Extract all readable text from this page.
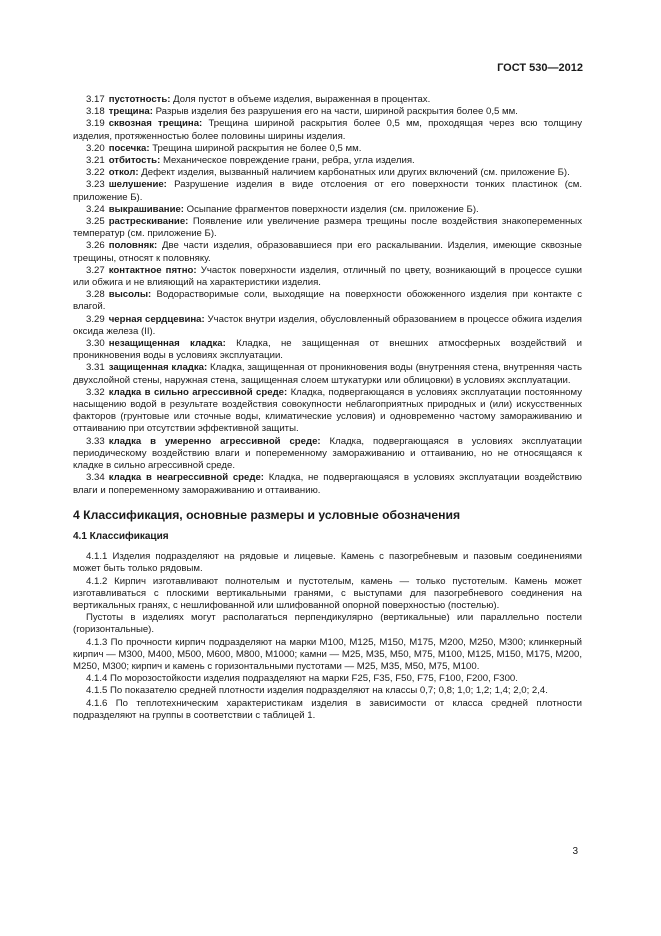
ГОСТ 530—2012

3.17 пустотность: Доля пустот в объеме изделия, выраженная в процентах.

3.18 трещина: Разрыв изделия без разрушения его на части, шириной раскрытия более 0,5 мм.

3.19 сквозная трещина: Трещина шириной раскрытия более 0,5 мм, проходящая через всю толщину изделия, протяженностью более половины ширины изделия.

3.20 посечка: Трещина шириной раскрытия не более 0,5 мм.

3.21 отбитость: Механическое повреждение грани, ребра, угла изделия.

3.22 откол: Дефект изделия, вызванный наличием карбонатных или других включений (см. приложение Б).

3.23 шелушение: Разрушение изделия в виде отслоения от его поверхности тонких пластинок (см. приложение Б).

3.24 выкрашивание: Осыпание фрагментов поверхности изделия (см. приложение Б).

3.25 растрескивание: Появление или увеличение размера трещины после воздействия знакопеременных температур (см. приложение Б).

3.26 половняк: Две части изделия, образовавшиеся при его раскалывании. Изделия, имеющие сквозные трещины, относят к половняку.

3.27 контактное пятно: Участок поверхности изделия, отличный по цвету, возникающий в процессе сушки или обжига и не влияющий на характеристики изделия.

3.28 высолы: Водорастворимые соли, выходящие на поверхности обожженного изделия при контакте с влагой.

3.29 черная сердцевина: Участок внутри изделия, обусловленный образованием в процессе обжига изделия оксида железа (II).

3.30 незащищенная кладка: Кладка, не защищенная от внешних атмосферных воздействий и проникновения воды в условиях эксплуатации.

3.31 защищенная кладка: Кладка, защищенная от проникновения воды (внутренняя стена, внутренняя часть двухслойной стены, наружная стена, защищенная слоем штукатурки или облицовки) в условиях эксплуатации.

3.32 кладка в сильно агрессивной среде: Кладка, подвергающаяся в условиях эксплуатации постоянному насыщению водой в результате воздействия совокупности неблагоприятных природных и (или) искусственных факторов (грунтовые или сточные воды, климатические условия) и одновременно частому замораживанию и оттаиванию при отсутствии эффективной защиты.

3.33 кладка в умеренно агрессивной среде: Кладка, подвергающаяся в условиях эксплуатации периодическому воздействию влаги и попеременному замораживанию и оттаиванию, но не относящаяся к кладке в сильно агрессивной среде.

3.34 кладка в неагрессивной среде: Кладка, не подвергающаяся в условиях эксплуатации воздействию влаги и попеременному замораживанию и оттаиванию.

4 Классификация, основные размеры и условные обозначения
4.1 Классификация

4.1.1 Изделия подразделяют на рядовые и лицевые. Камень с пазогребневым и пазовым соединениями может быть только рядовым.

4.1.2 Кирпич изготавливают полнотелым и пустотелым, камень — только пустотелым. Камень может изготавливаться с плоскими вертикальными гранями, с выступами для пазогребневого соединения на вертикальных гранях, с нешлифованной или шлифованной опорной поверхностью (постелью).

Пустоты в изделиях могут располагаться перпендикулярно (вертикальные) или параллельно постели (горизонтальные).

4.1.3 По прочности кирпич подразделяют на марки М100, М125, М150, М175, М200, М250, М300; клинкерный кирпич — М300, М400, М500, М600, М800, М1000; камни — М25, М35, М50, М75, М100, М125, М150, М175, М200, М250, М300; кирпич и камень с горизонтальными пустотами — М25, М35, М50, М75, М100.

4.1.4 По морозостойкости изделия подразделяют на марки F25, F35, F50, F75, F100, F200, F300.

4.1.5 По показателю средней плотности изделия подразделяют на классы 0,7; 0,8; 1,0; 1,2; 1,4; 2,0; 2,4.

4.1.6 По теплотехническим характеристикам изделия в зависимости от класса средней плотности подразделяют на группы в соответствии с таблицей 1.

3
